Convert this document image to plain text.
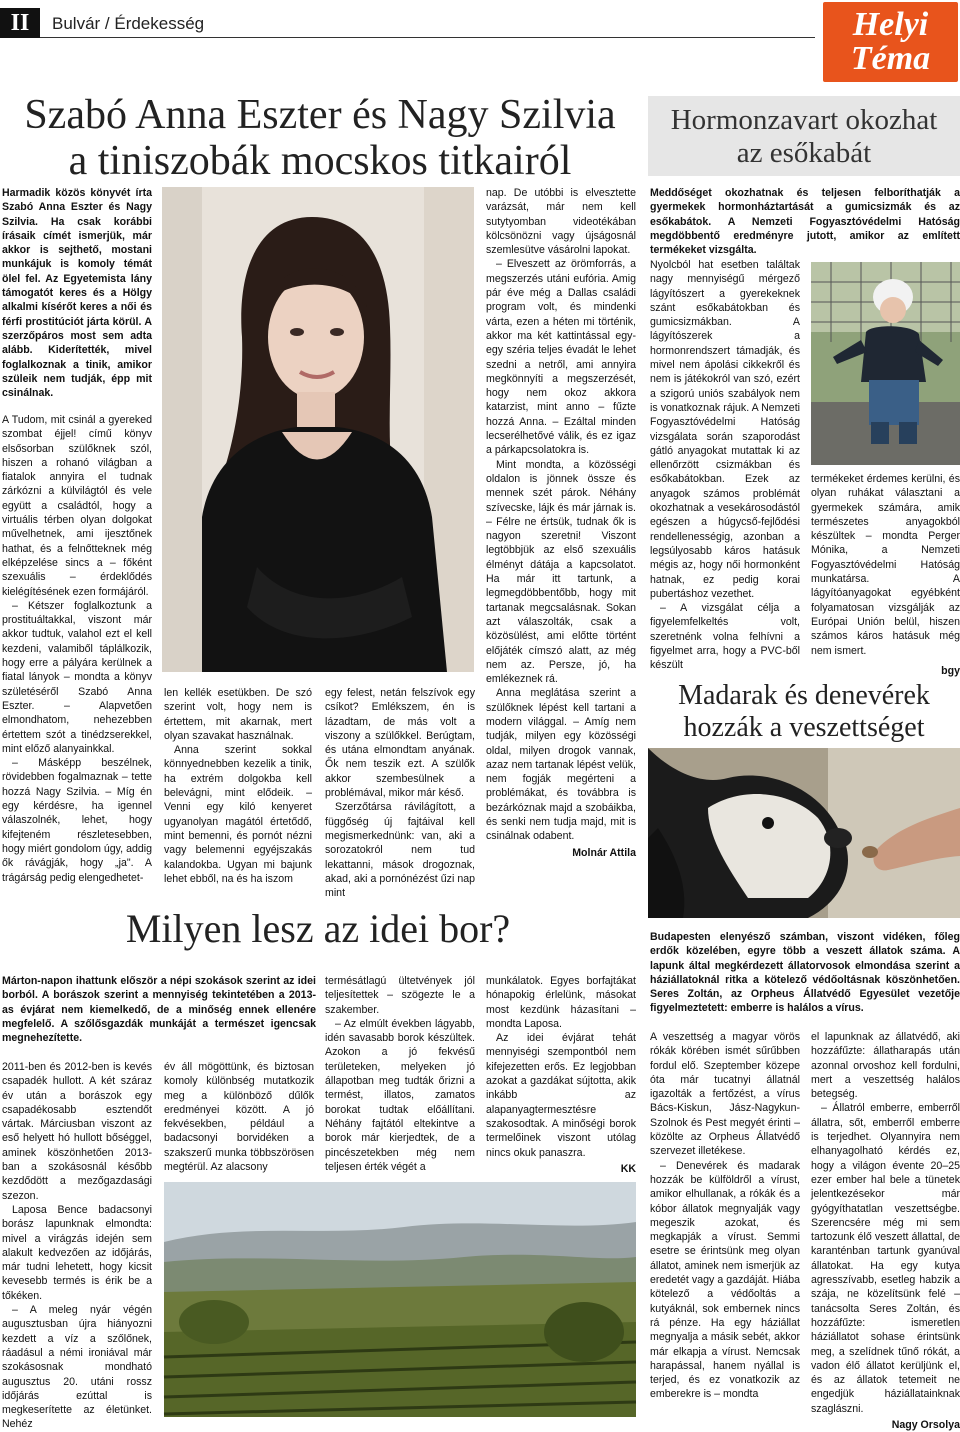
II	Bulvár / Érdekesség	Helyi
Téma
Szabó Anna Eszter és Nagy Szilvia
a tiniszobák mocskos titkairól
Harmadik közös könyvét írta Szabó Anna Eszter és Nagy Szilvia. Ha csak korábbi írásaik címét ismerjük, már akkor is sejthető, mostani munkájuk is komoly témát ölel fel. Az Egyetemista lány támogatót keres és a Hölgy alkalmi kísérőt keres a női és férfi prostitúciót járta körül. A szerzőpáros most sem adta alább. Kiderítették, mivel foglalkoznak a tinik, amikor szüleik nem tudják, épp mit csinálnak.

A Tudom, mit csinál a gyereked szombat éjjel! című könyv elsősorban szülőknek szól, hiszen a rohanó világban a fiatalok annyira el tudnak zárkózni a külvilágtól és vele együtt a családtól, hogy a virtuális térben olyan dolgokat művelhetnek, ami ijesztőnek hathat, és a felnőtteknek még elképzelése sincs a – főként szexuális – érdeklődés kielégítésének ezen formájáról.

– Kétszer foglalkoztunk a prostituáltakkal, viszont már akkor tudtuk, valahol ezt el kell kezdeni, valamiből táplálkozik, hogy erre a pályára kerülnek a fiatal lányok – mondta a könyv születéséről Szabó Anna Eszter. – Alapvetően elmondhatom, nehezebben értettem szót a tinédzserekkel, mint előző alanyainkkal.

– Másképp beszélnek, rövidebben fogalmaznak – tette hozzá Nagy Szilvia. – Míg én egy kérdésre, ha igennel válaszolnék, lehet, hogy kifejteném részletesebben, hogy miért gondolom úgy, addig ők rávágják, hogy „ja". A trágárság pedig elengedhetet-

len kellék esetükben. De szó szerint volt, hogy nem is értettem, mit akarnak, mert olyan szavakat használnak.

Anna szerint sokkal könnyednebben kezelik a tinik, ha extrém dolgokba kell belevágni, mint elődeik. – Venni egy kiló kenyeret ugyanolyan magától értetődő, mint bemenni, és pornót nézni vagy belemenni egyéjszakás kalandokba. Ugyan mi bajunk lehet ebből, na és ha iszom

egy felest, netán felszívok egy csíkot? Emlékszem, én is lázadtam, de más volt a viszony a szülőkkel. Berúgtam, és utána elmondtam anyának. Ők nem teszik ezt. A szülők akkor szembesülnek a problémával, mikor már késő.

Szerzőtársa rávilágított, a függőség új fajtáival kell megismerkednünk: van, aki a sorozatokról nem tud lekattanni, mások drogoznak, akad, aki a pornónézést űzi nap mint

nap. De utóbbi is elvesztette varázsát, már nem kell sutytyomban videotékában kölcsönözni vagy újságosnál szemlesütve vásárolni lapokat.

– Elveszett az örömforrás, a megszerzés utáni eufória. Amig pár éve még a Dallas családi program volt, és mindenki várta, ezen a héten mi történik, akkor ma két kattintással egy-egy széria teljes évadát le lehet szedni a netről, ami annyira megkönnyíti a megszerzését, hogy nem okoz akkora katarzist, mint anno – fűzte hozzá Anna. – Ezáltal minden lecserélhetővé válik, és ez igaz a párkapcsolatokra is.

Mint mondta, a közösségi oldalon is jönnek össze és mennek szét párok. Néhány szívecske, lájk és már járnak is. – Félre ne értsük, tudnak ők is nagyon szeretni! Viszont legtöbbjük az első szexuális élményt dátája a kapcsolatot. Ha már itt tartunk, a legmegdöbbentőbb, hogy mit tartanak megcsalásnak. Sokan azt válaszolták, csak a közösülést, ami előtte történt előjáték címszó alatt, az még nem az. Persze, jó, ha emlékeznek rá.

Anna meglátása szerint a szülőknek lépést kell tartani a modern világgal. – Amíg nem tudják, milyen egy közösségi oldal, milyen drogok vannak, azaz nem tartanak lépést velük, nem fogják megérteni a problémákat, és továbbra is bezárkóznak majd a szobáikba, és senki nem tudja majd, mit is csinálnak odabent.

Molnár Attila
Hormonzavart okozhat
az esőkabát
Meddőséget okozhatnak és teljesen felboríthatják a gyermekek hormonháztartását a gumicsizmák és az esőkabátok. A Nemzeti Fogyasztóvédelmi Hatóság megdöbbentő eredményre jutott, amikor az említett termékeket vizsgálta.

Nyolcból hat esetben találtak nagy mennyiségű mérgező lágyítószert a gyerekeknek szánt esőkabátokban és gumicsizmákban. A lágyítószerek a hormonrendszert támadják, és mivel nem ápolási cikkekről és nem is játékokról van szó, ezért a szigorú uniós szabályok nem is vonatkoznak rájuk. A Nemzeti Fogyasztóvédelmi Hatóság vizsgálata során szaporodást gátló anyagokat mutattak ki az ellenőrzött csizmákban és esőkabátokban. Ezek az anyagok számos problémát okozhatnak a vesekárosodástól egészen a húgycső-fejlődési rendellenességig, azonban a legsúlyosabb káros hatásuk mégis az, hogy női hormonként hatnak, ez pedig korai pubertáshoz vezethet.

– A vizsgálat célja a figyelemfelkeltés volt, szeretnénk volna felhívni a figyelmet arra, hogy a PVC-ből készült

termékeket érdemes kerülni, és olyan ruhákat választani a gyermekek számára, amik természetes anyagokból készültek – mondta Perger Mónika, a Nemzeti Fogyasztóvédelmi Hatóság munkatársa. A lágyítóanyagokat egyébként folyamatosan vizsgálják az Európai Unión belül, hiszen számos káros hatásuk még nem ismert.

bgy
Madarak és denevérek
hozzák a veszettséget
Milyen lesz az idei bor?
Márton-napon ihattunk először a népi szokások szerint az idei borból. A borászok szerint a mennyiség tekintetében a 2013-as évjárat nem kiemelkedő, de a minőség ennek ellenére megfelelő. A szőlősgazdák munkáját a természet igencsak megnehezítette.

2011-ben és 2012-ben is kevés csapadék hullott. A két száraz év után a borászok egy csapadékosabb esztendőt vártak. Márciusban viszont az eső helyett hó hullott bőséggel, aminek köszönhetően 2013-ban a szokásosnál később kezdődött a mezőgazdasági szezon.

Laposa Bence badacsonyi borász lapunknak elmondta: mivel a virágzás idején sem alakult kedvezően az időjárás, már tudni lehetett, hogy kicsit kevesebb termés is érik be a tőkéken.

– A meleg nyár végén augusztusban újra hiányozni kezdett a víz a szőlőnek, ráadásul a némi ironiával már szokásosnak mondható augusztus 20. utáni rossz időjárás ezúttal is megkeserítette az életünket. Nehéz

év áll mögöttünk, és biztosan komoly különbség mutatkozik meg a különböző dűlők eredményei között. A jó fekvésekben, például a badacsonyi borvidéken a szakszerű munka többszörösen megtérül. Az alacsony

termésátlagú ültetvények jól teljesítettek – szögezte le a szakember.

– Az elmúlt években lágyabb, idén savasabb borok készültek. Azokon a jó fekvésű területeken, melyeken jó állapotban meg tudták őrizni a termést, illatos, zamatos borokat tudtak előállítani. Néhány fajtától eltekintve a borok már kierjedtek, de a pincészetekben még nem teljesen érték végét a

munkálatok. Egyes borfajtákat hónapokig érlelünk, másokat most kezdünk házasítani – mondta Laposa.

Az idei évjárat tehát mennyiségi szempontból nem kifejezetten erős. Ez legjobban azokat a gazdákat sújtotta, akik inkább az alapanyagtermesztésre szakosodtak. A minőségi borok termelőinek viszont utólag nincs okuk panaszra.

KK
Budapesten elenyésző számban, viszont vidéken, főleg erdők közelében, egyre több a veszett állatok száma. A lapunk által megkérdezett állatorvosok elmondása szerint a háziállatoknál ritka a kötelező védőoltásnak köszönhetően. Seres Zoltán, az Orpheus Állatvédő Egyesület vezetője figyelmeztetett: emberre is halálos a vírus.

A veszettség a magyar vörös rókák körében ismét sűrűbben fordul elő. Szeptember közepe óta már tucatnyi állatnál igazolták a fertőzést, a vírus Bács-Kiskun, Jász-Nagykun-Szolnok és Pest megyét érinti – közölte az Orpheus Állatvédő szervezet illetékese.

– Denevérek és madarak hozzák be külföldről a vírust, amikor elhullanak, a rókák és a kóbor állatok megnyalják vagy megeszik azokat, és megkapják a vírust. Semmi esetre se érintsünk meg olyan állatot, aminek nem ismerjük az eredetét vagy a gazdáját. Hiába kötelező a védőoltás a kutyáknál, sok embernek nincs rá pénze. Ha egy háziállat megnyalja a másik sebét, akkor már elkapja a vírust. Nemcsak harapással, hanem nyállal is terjed, és ez vonatkozik az emberekre is – mondta

el lapunknak az állatvédő, aki hozzáfűzte: állatharapás után azonnal orvoshoz kell fordulni, mert a veszettség halálos betegség.

– Állatról emberre, emberről állatra, sőt, emberről emberre is terjedhet. Olyannyira nem elhanyagolható kérdés ez, hogy a világon évente 20–25 ezer ember hal bele a tünetek jelentkezésekor már gyógyíthatatlan veszettségbe. Szerencsére még mi sem tartozunk élő veszett állattal, de karanténban tartunk gyanúval állatokat. Ha egy kutya agresszívabb, esetleg habzik a szája, ne közelítsünk felé – tanácsolta Seres Zoltán, és hozzáfűzte: ismeretlen háziállatot sohase érintsünk meg, a szelídnek tűnő rókát, a vadon élő állatot kerüljünk el, és az állatok tetemeit ne engedjük háziállatainknak szaglászni.

Nagy Orsolya
